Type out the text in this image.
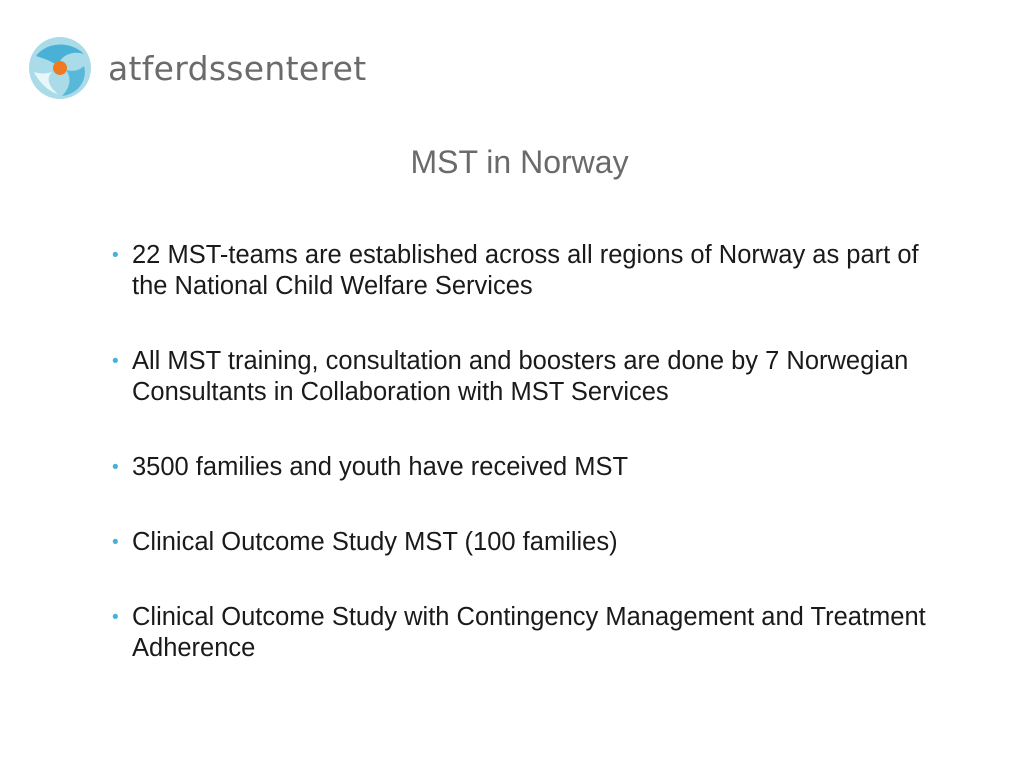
atferdssenteret
MST in Norway
• 22 MST-teams are established across all regions of Norway as part of the National Child Welfare Services
• All MST training, consultation and boosters are done by 7 Norwegian Consultants in Collaboration with MST Services
• 3500 families and youth have received MST
• Clinical Outcome Study MST (100 families)
• Clinical Outcome Study with Contingency Management and Treatment Adherence
